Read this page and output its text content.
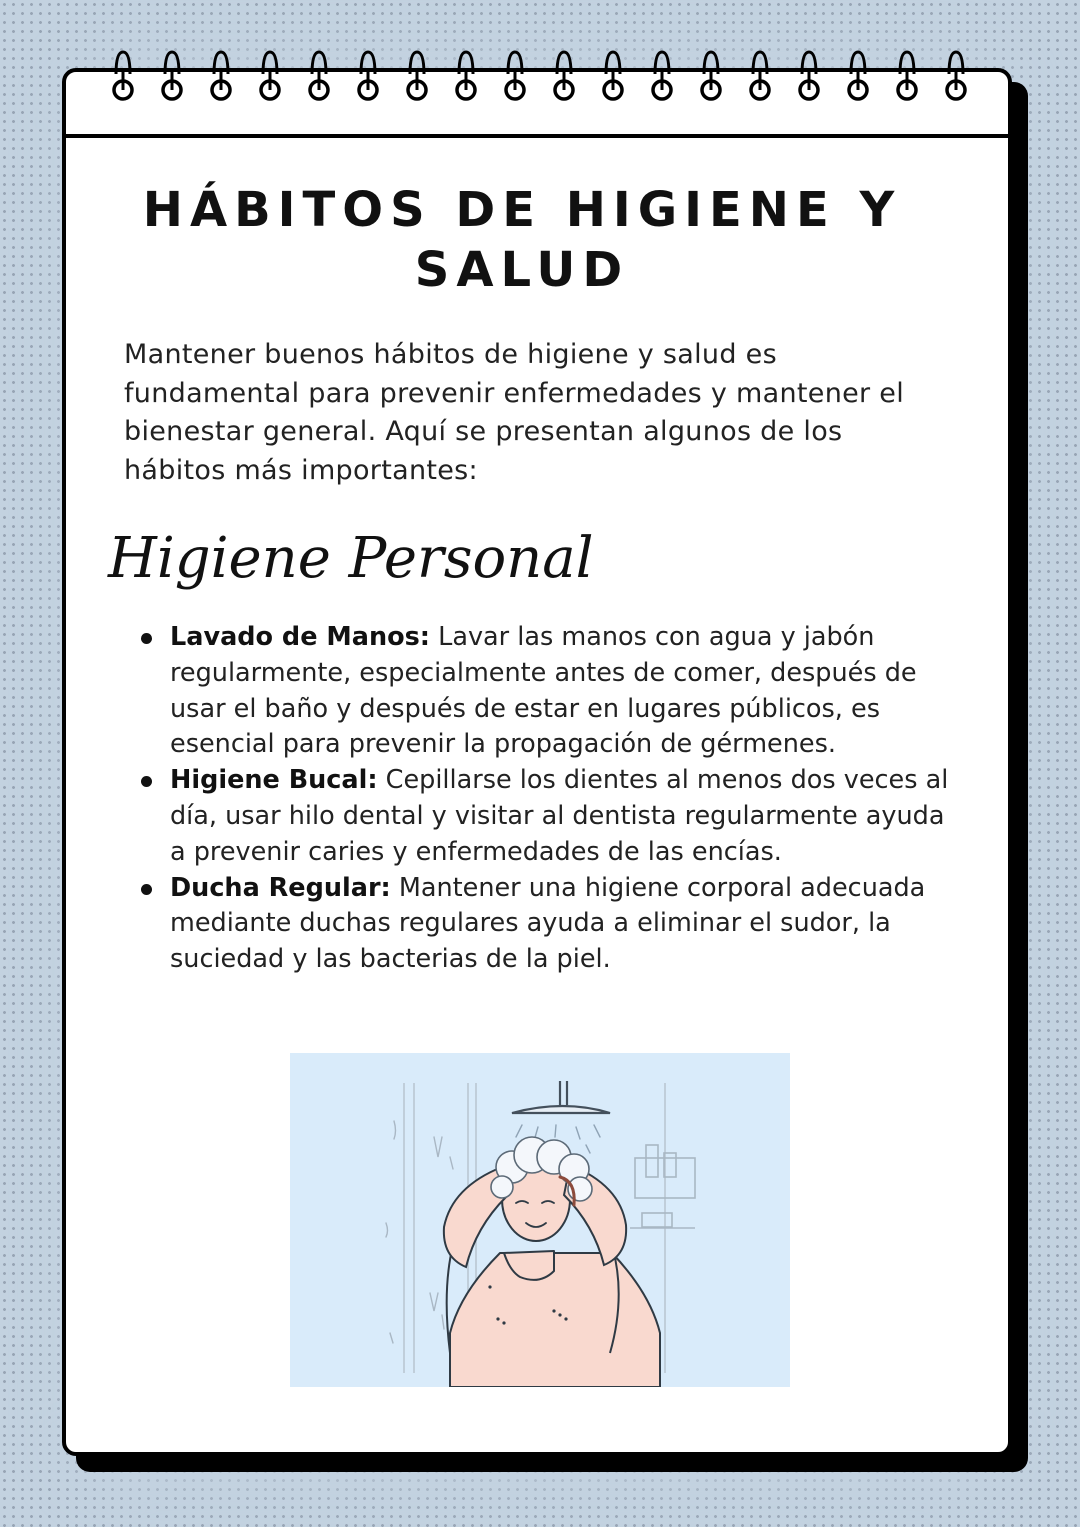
HÁBITOS DE HIGIENE Y
SALUD

Mantener buenos hábitos de higiene y salud es fundamental para prevenir enfermedades y mantener el bienestar general. Aquí se presentan algunos de los hábitos más importantes:

Higiene Personal
Lavado de Manos: Lavar las manos con agua y jabón regularmente, especialmente antes de comer, después de usar el baño y después de estar en lugares públicos, es esencial para prevenir la propagación de gérmenes.
Higiene Bucal: Cepillarse los dientes al menos dos veces al día, usar hilo dental y visitar al dentista regularmente ayuda a prevenir caries y enfermedades de las encías.
Ducha Regular: Mantener una higiene corporal adecuada mediante duchas regulares ayuda a eliminar el sudor, la suciedad y las bacterias de la piel.
